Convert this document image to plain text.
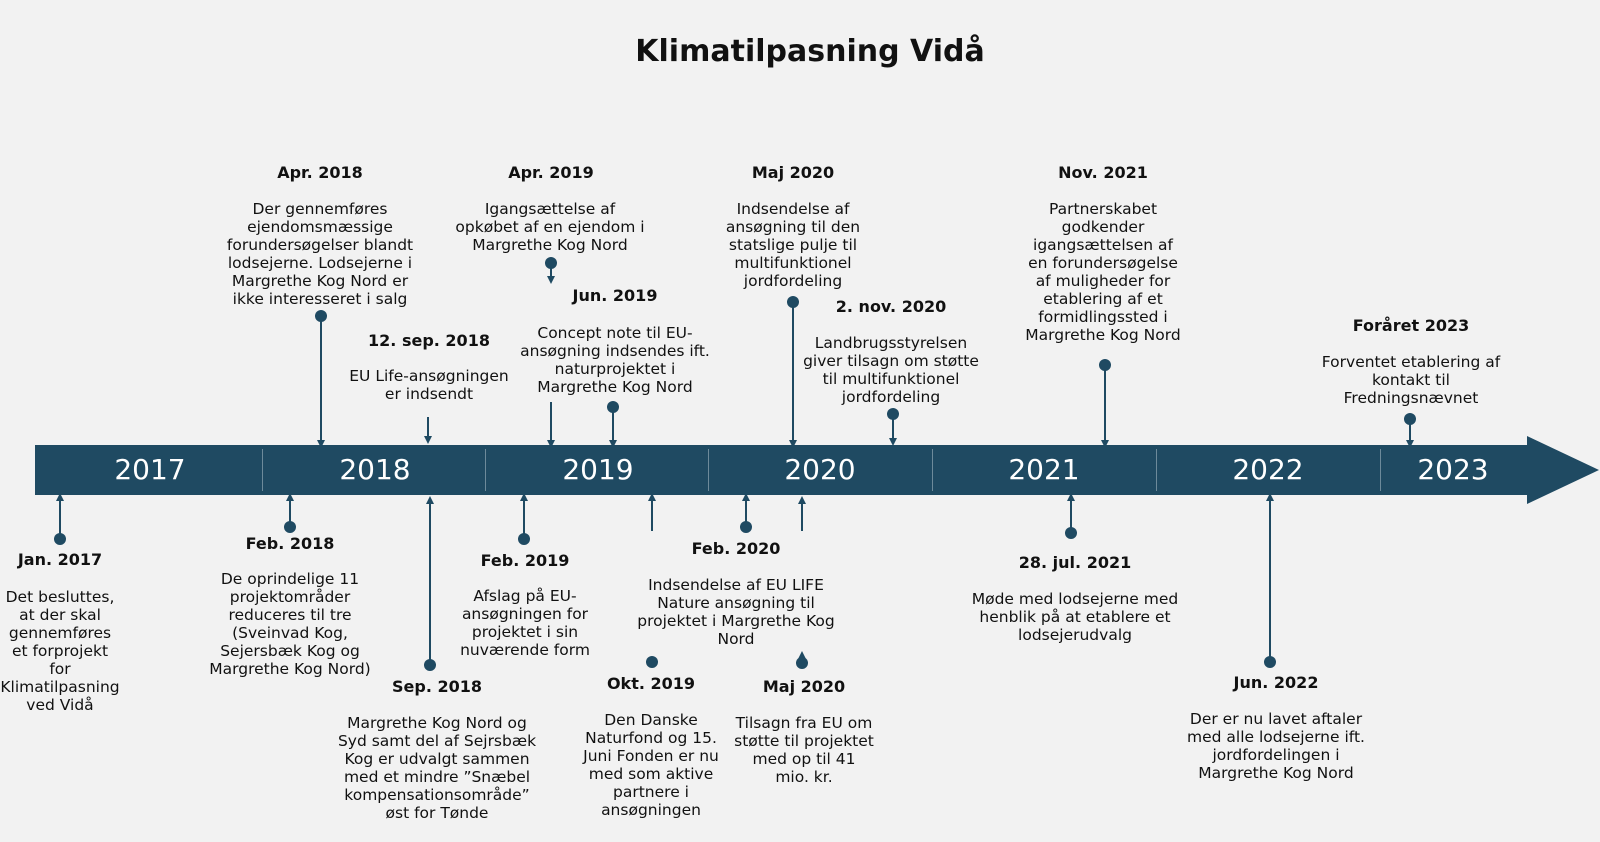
Klimatilpasning Vidå
2017	2018	2019	2020	2021	2022	2023
Apr. 2018
Der gennemføres ejendomsmæssige forundersøgelser blandt lodsejerne. Lodsejerne i Margrethe Kog Nord er ikke interesseret i salg
Apr. 2019
Igangsættelse af opkøbet af en ejendom i Margrethe Kog Nord
Maj 2020
Indsendelse af ansøgning til den statslige pulje til multifunktionel jordfordeling
Nov. 2021
Partnerskabet godkender igangsættelsen af en forundersøgelse af muligheder for etablering af et formidlingssted i Margrethe Kog Nord
12. sep. 2018
EU Life-ansøgningen er indsendt
Jun. 2019
Concept note til EU-ansøgning indsendes ift. naturprojektet i Margrethe Kog Nord
2. nov. 2020
Landbrugsstyrelsen giver tilsagn om støtte til multifunktionel jordfordeling
Foråret 2023
Forventet etablering af kontakt til Fredningsnævnet
Jan. 2017
Det besluttes, at der skal gennemføres et forprojekt for Klimatilpasning ved Vidå
Feb. 2018
De oprindelige 11 projektområder reduceres til tre (Sveinvad Kog, Sejersbæk Kog og Margrethe Kog Nord)
Sep. 2018
Margrethe Kog Nord og Syd samt del af Sejrsbæk Kog er udvalgt sammen med et mindre ”Snæbel kompensationsområde” øst for Tønde
Feb. 2019
Afslag på EU-ansøgningen for projektet i sin nuværende form
Okt. 2019
Den Danske Naturfond og 15. Juni Fonden er nu med som aktive partnere i ansøgningen
Feb. 2020
Indsendelse af EU LIFE Nature ansøgning til projektet i Margrethe Kog Nord
Maj 2020
Tilsagn fra EU om støtte til projektet med op til 41 mio. kr.
28. jul. 2021
Møde med lodsejerne med henblik på at etablere et lodsejerudvalg
Jun. 2022
Der er nu lavet aftaler med alle lodsejerne ift. jordfordelingen i Margrethe Kog Nord
